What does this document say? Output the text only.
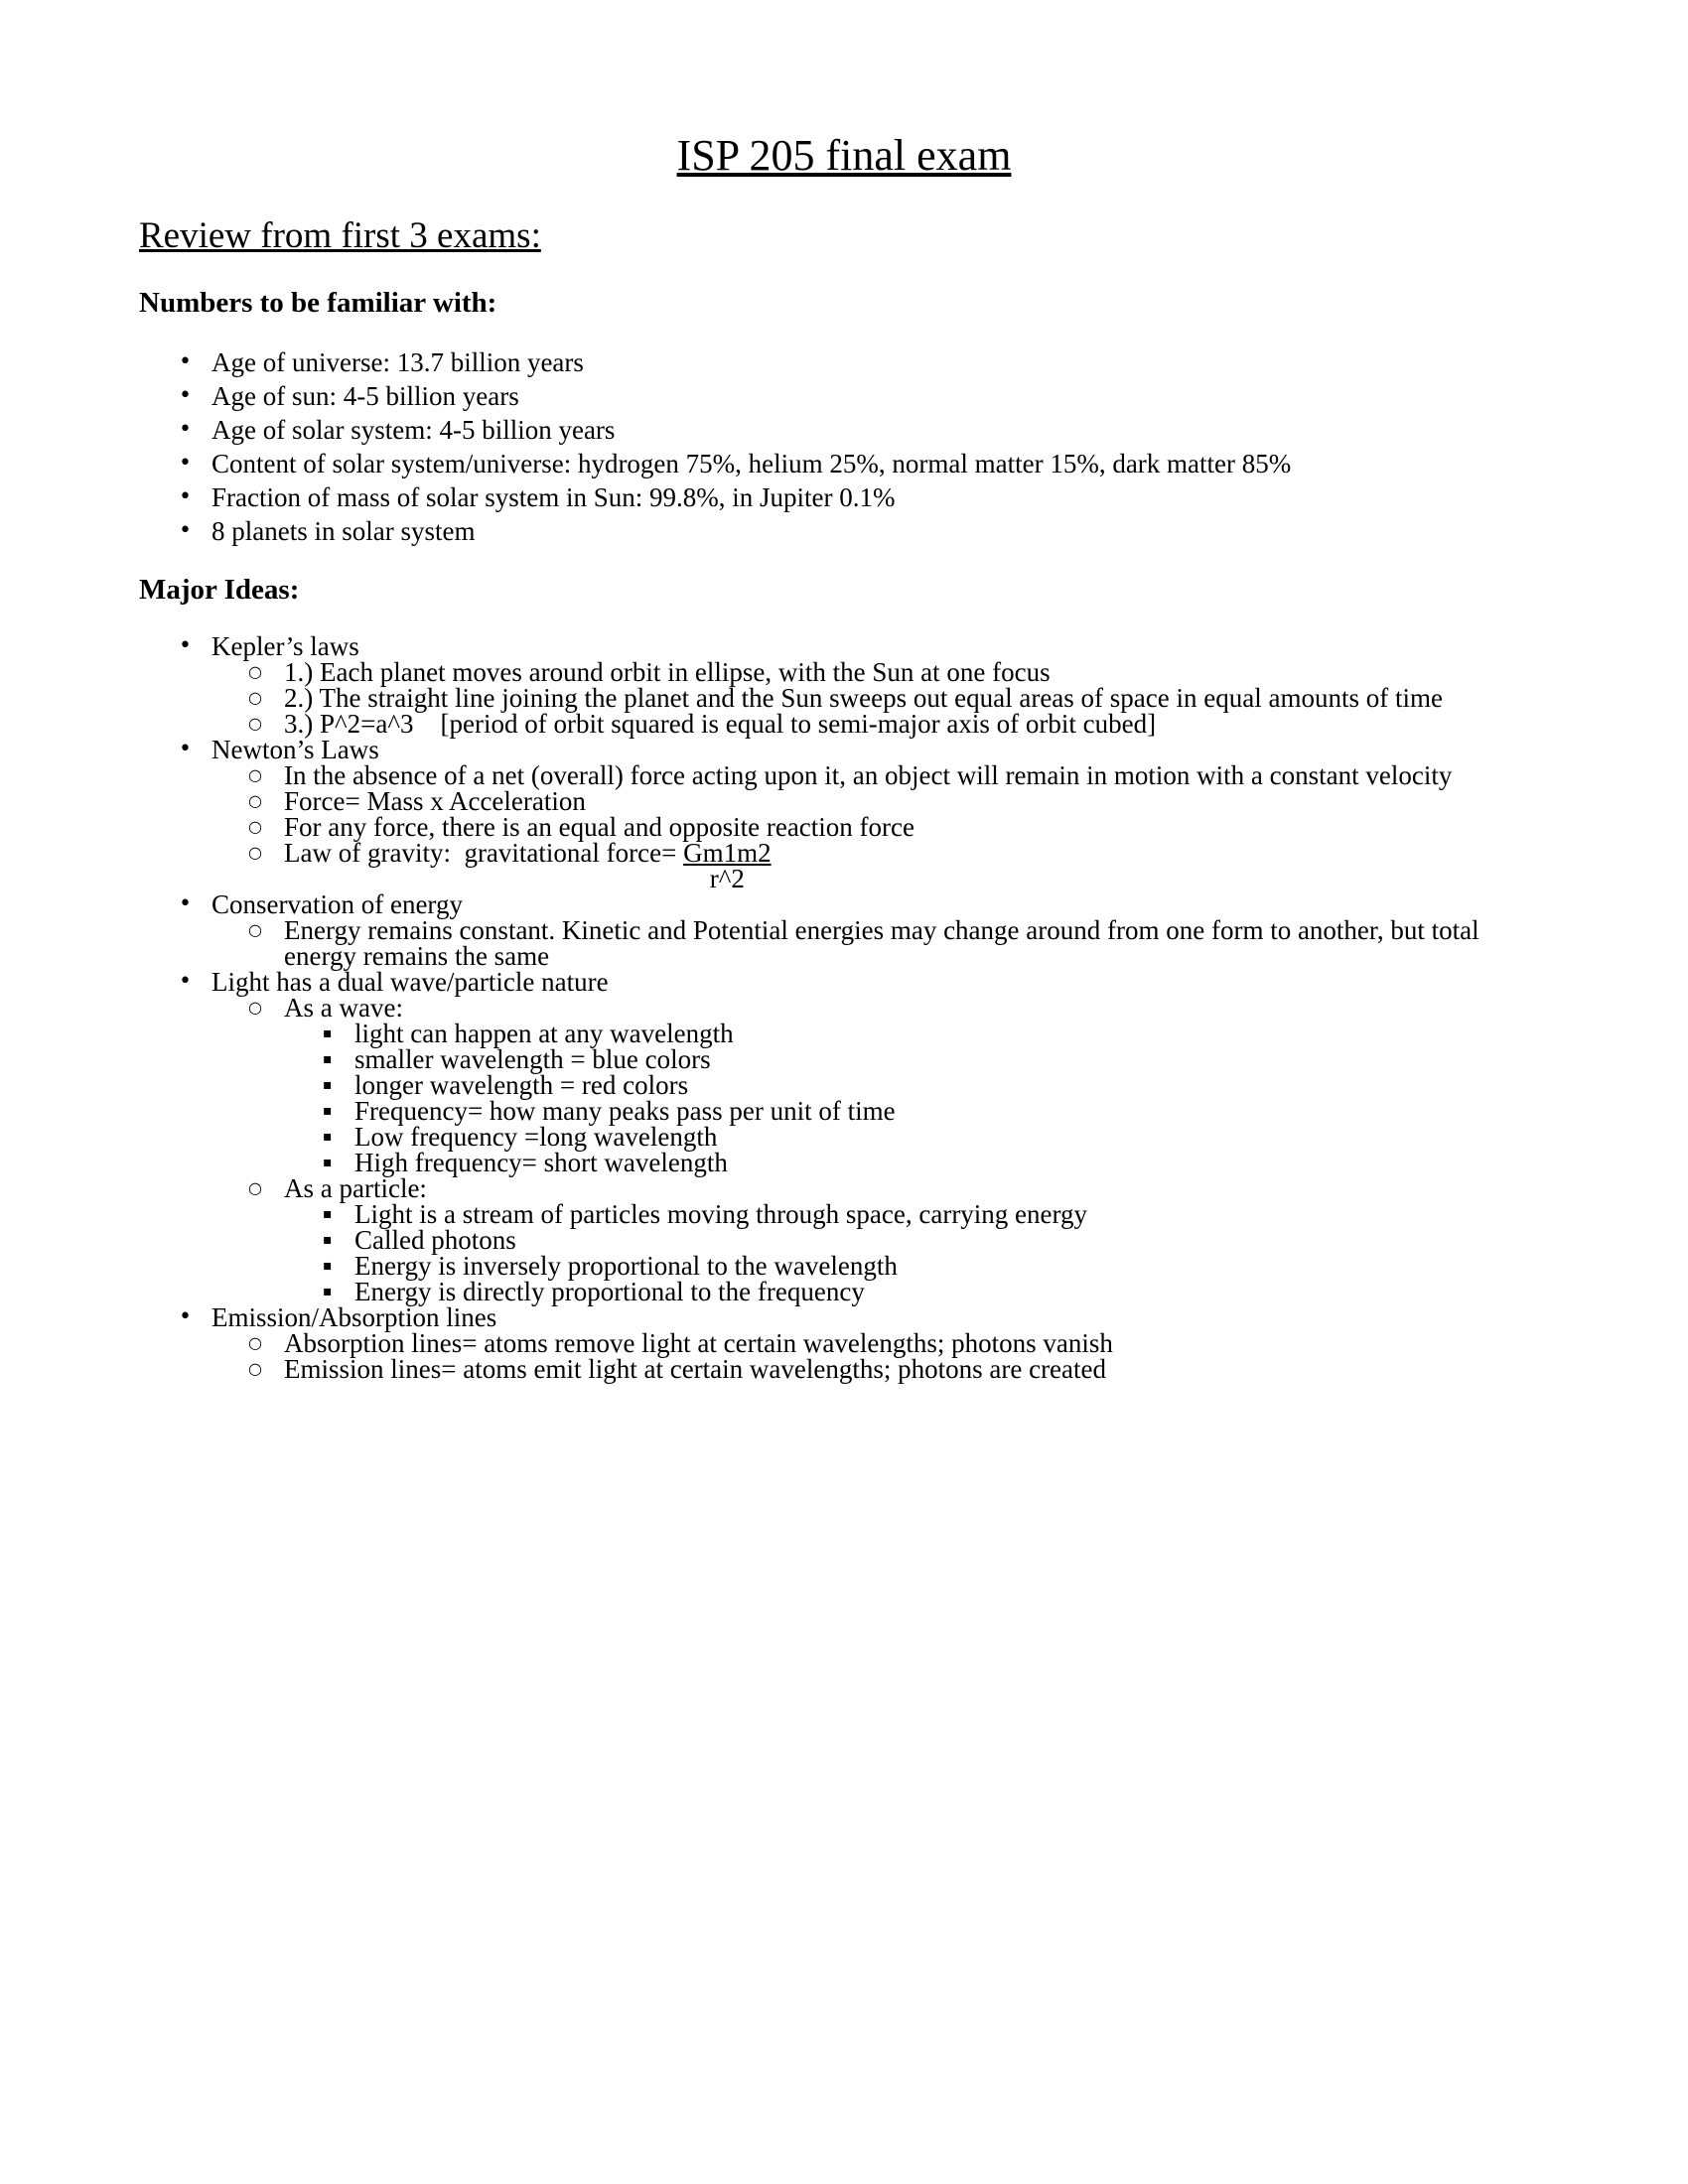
ISP 205 final exam
Review from first 3 exams:
Numbers to be familiar with:
• Age of universe: 13.7 billion years
• Age of sun: 4-5 billion years
• Age of solar system: 4-5 billion years
• Content of solar system/universe: hydrogen 75%, helium 25%, normal matter 15%, dark matter 85%
• Fraction of mass of solar system in Sun: 99.8%, in Jupiter 0.1%
• 8 planets in solar system
Major Ideas:
• Kepler’s laws
○ 1.) Each planet moves around orbit in ellipse, with the Sun at one focus
○ 2.) The straight line joining the planet and the Sun sweeps out equal areas of space in equal amounts of time
○ 3.) P^2=a^3    [period of orbit squared is equal to semi-major axis of orbit cubed]
• Newton’s Laws
○ In the absence of a net (overall) force acting upon it, an object will remain in motion with a constant velocity
○ Force= Mass x Acceleration
○ For any force, there is an equal and opposite reaction force
○ Law of gravity:  gravitational force= $\frac{Gm1m2}{r\^{}2}$
• Conservation of energy
○ Energy remains constant. Kinetic and Potential energies may change around from one form to another, but total energy remains the same
• Light has a dual wave/particle nature
○ As a wave:
▪ light can happen at any wavelength
▪ smaller wavelength = blue colors
▪ longer wavelength = red colors
▪ Frequency= how many peaks pass per unit of time
▪ Low frequency =long wavelength
▪ High frequency= short wavelength
○ As a particle:
▪ Light is a stream of particles moving through space, carrying energy
▪ Called photons
▪ Energy is inversely proportional to the wavelength
▪ Energy is directly proportional to the frequency
• Emission/Absorption lines
○ Absorption lines= atoms remove light at certain wavelengths; photons vanish
○ Emission lines= atoms emit light at certain wavelengths; photons are created
